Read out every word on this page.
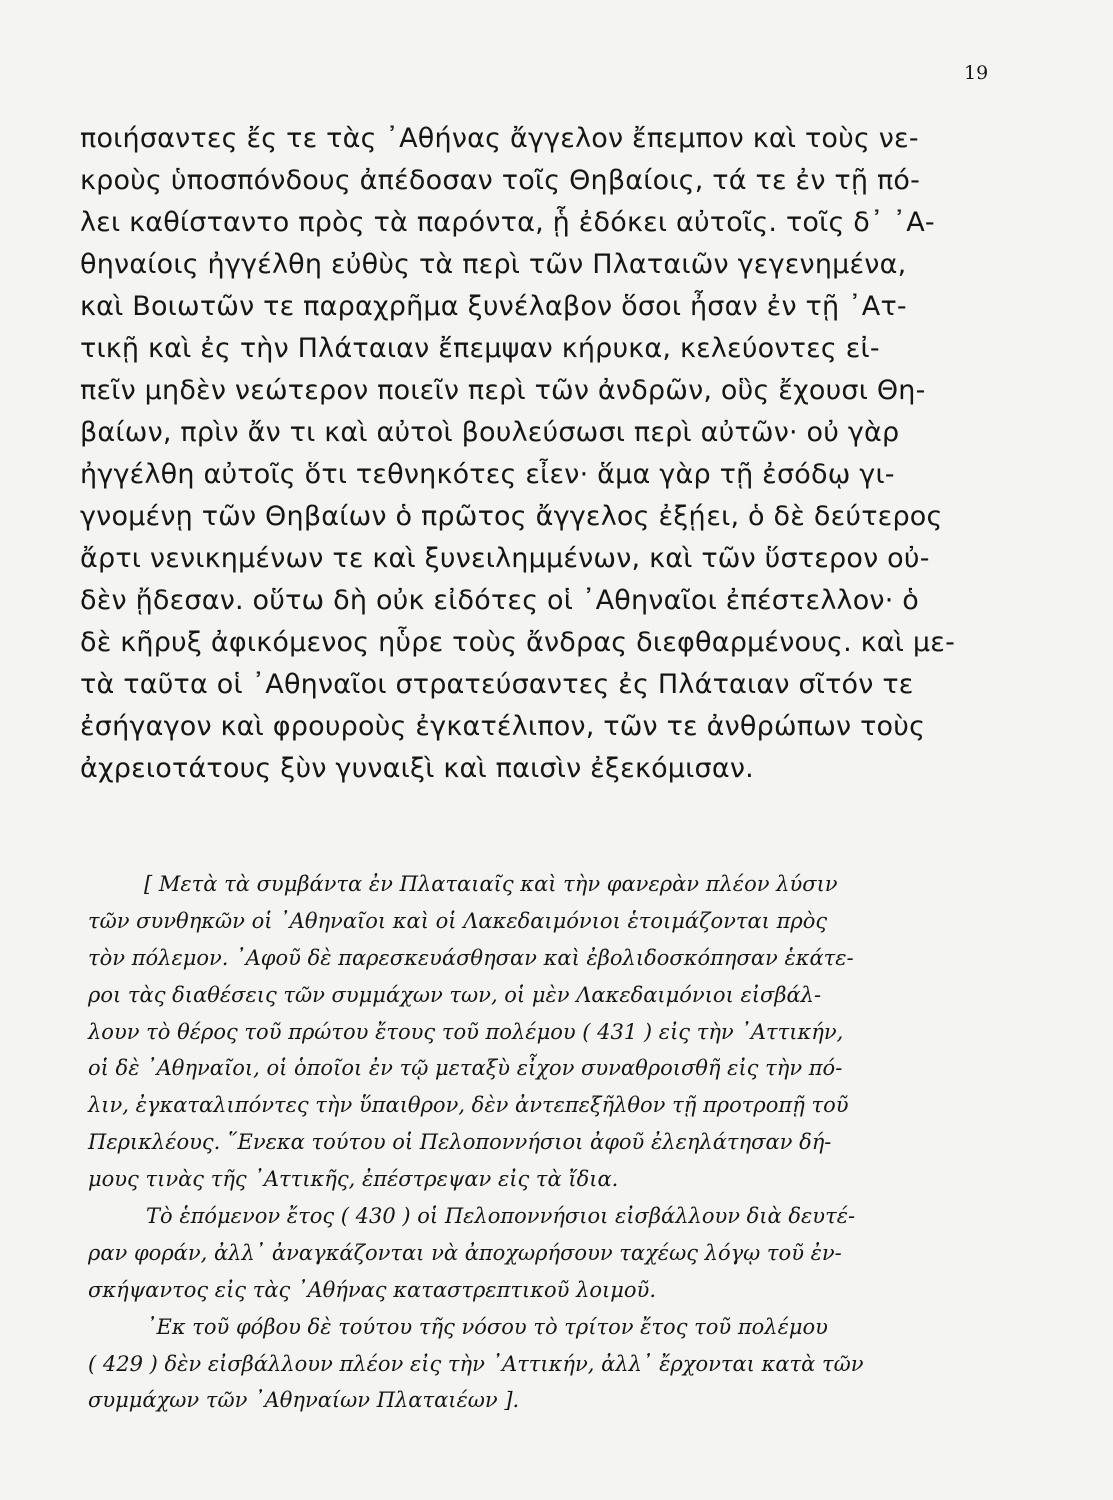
19
ποιήσαντες ἔς τε τὰς ᾿Αθήνας ἄγγελον ἔπεμπον καὶ τοὺς νε-
κροὺς ὑποσπόνδους ἀπέδοσαν τοῖς Θηβαίοις, τά τε ἐν τῇ πό-
λει καθίσταντο πρὸς τὰ παρόντα, ᾗ ἐδόκει αὐτοῖς. τοῖς δ᾿ ᾿Α-
θηναίοις ἠγγέλθη εὐθὺς τὰ περὶ τῶν Πλαταιῶν γεγενημένα,
καὶ Βοιωτῶν τε παραχρῆμα ξυνέλαβον ὅσοι ἦσαν ἐν τῇ ᾿Ατ-
τικῇ καὶ ἐς τὴν Πλάταιαν ἔπεμψαν κήρυκα, κελεύοντες εἰ-
πεῖν μηδὲν νεώτερον ποιεῖν περὶ τῶν ἀνδρῶν, οὓς ἔχουσι Θη-
βαίων, πρὶν ἄν τι καὶ αὐτοὶ βουλεύσωσι περὶ αὐτῶν· οὐ γὰρ
ἠγγέλθη αὐτοῖς ὅτι τεθνηκότες εἶεν· ἅμα γὰρ τῇ ἐσόδῳ γι-
γνομένῃ τῶν Θηβαίων ὁ πρῶτος ἄγγελος ἐξῄει, ὁ δὲ δεύτερος
ἄρτι νενικημένων τε καὶ ξυνειλημμένων, καὶ τῶν ὕστερον οὐ-
δὲν ᾔδεσαν. οὕτω δὴ οὐκ εἰδότες οἱ ᾿Αθηναῖοι ἐπέστελλον· ὁ
δὲ κῆρυξ ἀφικόμενος ηὗρε τοὺς ἄνδρας διεφθαρμένους. καὶ με-
τὰ ταῦτα οἱ ᾿Αθηναῖοι στρατεύσαντες ἐς Πλάταιαν σῖτόν τε
ἐσήγαγον καὶ φρουροὺς ἐγκατέλιπον, τῶν τε ἀνθρώπων τοὺς
ἀχρειοτάτους ξὺν γυναιξὶ καὶ παισὶν ἐξεκόμισαν.
[ Μετὰ τὰ συμβάντα ἐν Πλαταιαῖς καὶ τὴν φανερὰν πλέον λύσιν
τῶν συνθηκῶν οἱ ᾿Αθηναῖοι καὶ οἱ Λακεδαιμόνιοι ἑτοιμάζονται πρὸς
τὸν πόλεμον. ᾿Αφοῦ δὲ παρεσκευάσθησαν καὶ ἐβολιδοσκόπησαν ἑκάτε-
ροι τὰς διαθέσεις τῶν συμμάχων των, οἱ μὲν Λακεδαιμόνιοι εἰσβάλ-
λουν τὸ θέρος τοῦ πρώτου ἔτους τοῦ πολέμου ( 431 ) εἰς τὴν ᾿Αττικήν,
οἱ δὲ ᾿Αθηναῖοι, οἱ ὁποῖοι ἐν τῷ μεταξὺ εἶχον συναθροισθῆ εἰς τὴν πό-
λιν, ἐγκαταλιπόντες τὴν ὕπαιθρον, δὲν ἀντεπεξῆλθον τῇ προτροπῇ τοῦ
Περικλέους. ῞Ενεκα τούτου οἱ Πελοποννήσιοι ἀφοῦ ἐλεηλάτησαν δή-
μους τινὰς τῆς ᾿Αττικῆς, ἐπέστρεψαν εἰς τὰ ἴδια.
Τὸ ἑπόμενον ἔτος ( 430 ) οἱ Πελοποννήσιοι εἰσβάλλουν διὰ δευτέ-
ραν φοράν, ἀλλ᾿ ἀναγκάζονται νὰ ἀποχωρήσουν ταχέως λόγῳ τοῦ ἐν-
σκήψαντος εἰς τὰς ᾿Αθήνας καταστρεπτικοῦ λοιμοῦ.
᾿Εκ τοῦ φόβου δὲ τούτου τῆς νόσου τὸ τρίτον ἔτος τοῦ πολέμου
( 429 ) δὲν εἰσβάλλουν πλέον εἰς τὴν ᾿Αττικήν, ἀλλ᾿ ἔρχονται κατὰ τῶν
συμμάχων τῶν ᾿Αθηναίων Πλαταιέων ].
